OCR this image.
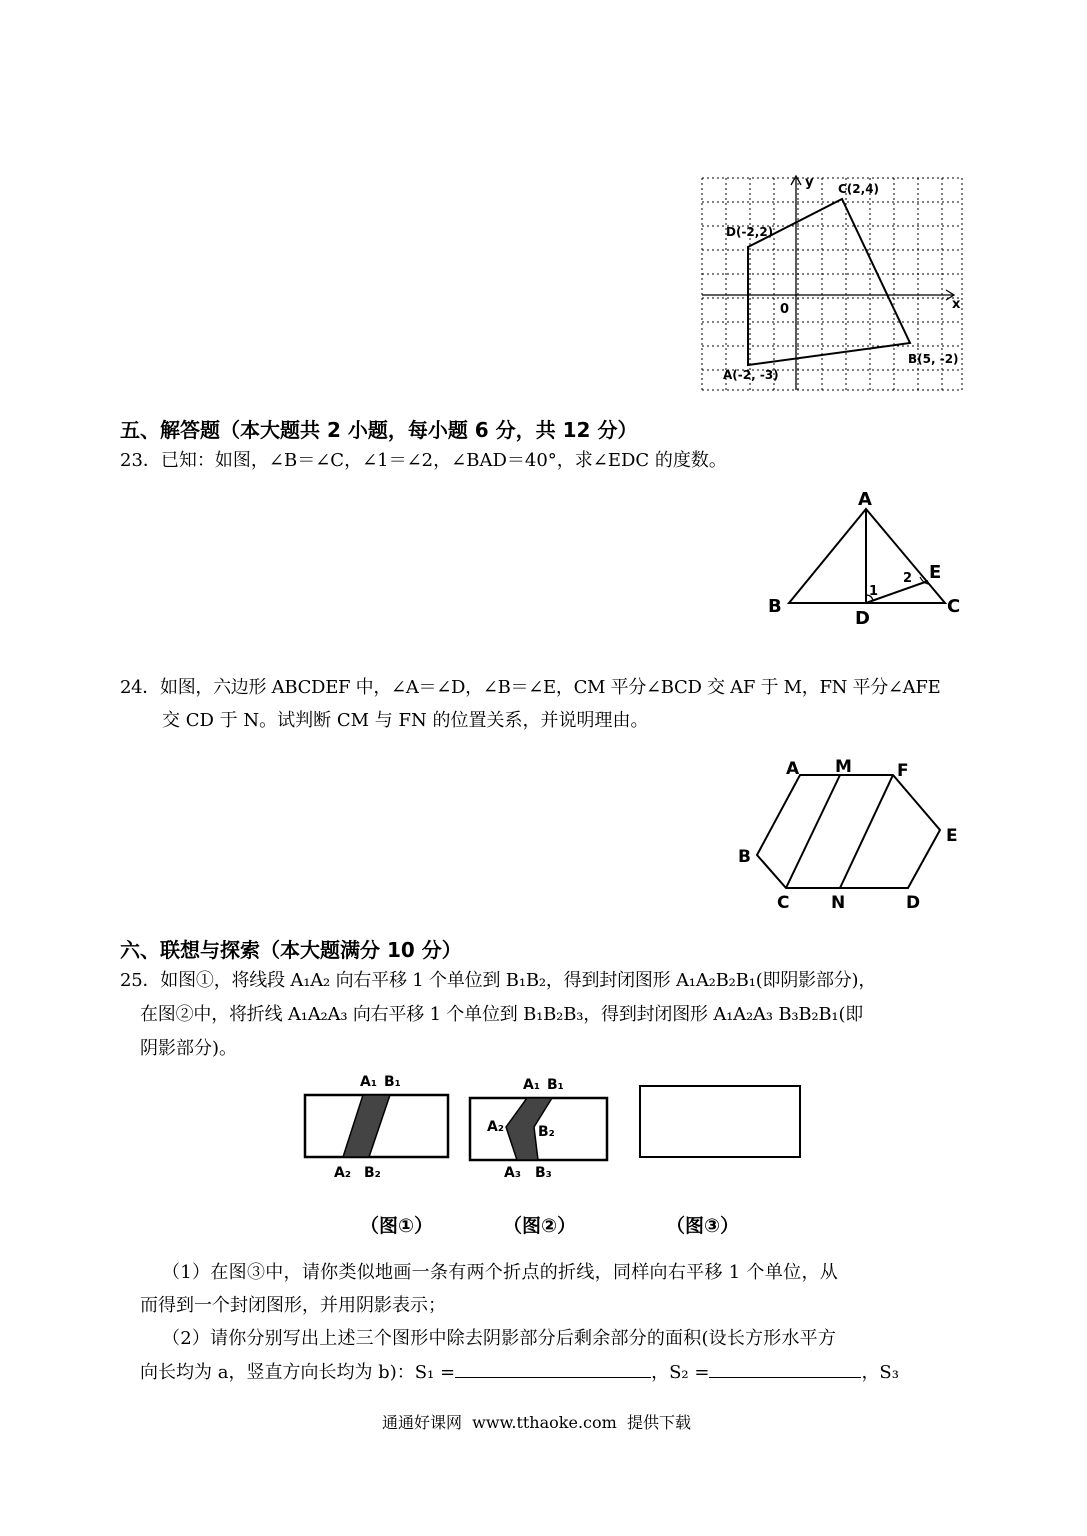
y
x
0
C(2,4)
D(-2,2)
B(5, -2)
A(-2, -3)
五、解答题（本大题共 2 小题，每小题 6 分，共 12 分）
23．已知：如图，∠B＝∠C，∠1＝∠2，∠BAD＝40°，求∠EDC 的度数。
A
B	C
D
E
1
2
24．如图，六边形 ABCDEF 中，∠A＝∠D，∠B＝∠E，CM 平分∠BCD 交 AF 于 M，FN 平分∠AFE
交 CD 于 N。试判断 CM 与 FN 的位置关系，并说明理由。
A M	F
E
B
C N	D
六、联想与探索（本大题满分 10 分）
25．如图①，将线段 A₁A₂ 向右平移 1 个单位到 B₁B₂，得到封闭图形 A₁A₂B₂B₁(即阴影部分)，
在图②中，将折线 A₁A₂A₃ 向右平移 1 个单位到 B₁B₂B₃，得到封闭图形 A₁A₂A₃ B₃B₂B₁(即
阴影部分)。
A₁ B₁
A₂ B₂
A₁ B₁
A₂ B₂
A₃ B₃
（图①）	（图②）	（图③）
（1）在图③中，请你类似地画一条有两个折点的折线，同样向右平移 1 个单位，从
而得到一个封闭图形，并用阴影表示；
（2）请你分别写出上述三个图形中除去阴影部分后剩余部分的面积(设长方形水平方
向长均为 a，竖直方向长均为 b)：S₁ =	，S₂ =	，S₃
通通好课网  www.tthaoke.com  提供下载
